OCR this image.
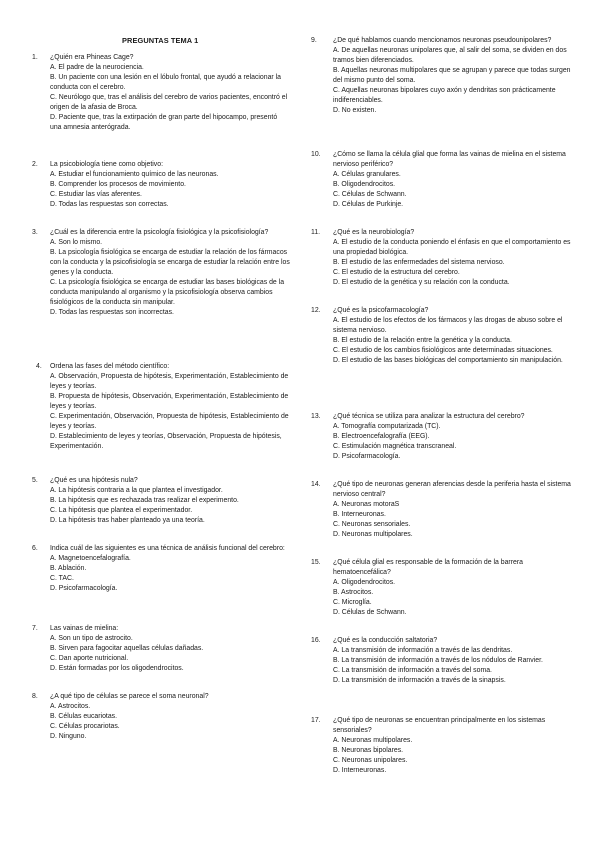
PREGUNTAS TEMA 1
1. ¿Quién era Phineas Cage?

A. El padre de la neurociencia.

B. Un paciente con una lesión en el lóbulo frontal, que ayudó a relacionar la conducta con el cerebro.

C. Neurólogo que, tras el análisis del cerebro de varios pacientes, encontró el origen de la afasia de Broca.

D. Paciente que, tras la extirpación de gran parte del hipocampo, presentó una amnesia anterógrada.

2. La psicobiología tiene como objetivo:

A. Estudiar el funcionamiento químico de las neuronas.

B. Comprender los procesos de movimiento.

C. Estudiar las vías aferentes.

D. Todas las respuestas son correctas.

3. ¿Cuál es la diferencia entre la psicología fisiológica y la psicofisiología?

A. Son lo mismo.

B. La psicología fisiológica se encarga de estudiar la relación de los fármacos con la conducta y la psicofisiología se encarga de estudiar la relación entre los genes y la conducta.

C. La psicología fisiológica se encarga de estudiar las bases biológicas de la conducta manipulando al organismo y la psicofisiología observa cambios fisiológicos de la conducta sin manipular.

D. Todas las respuestas son incorrectas.

4. Ordena las fases del método científico:

A. Observación, Propuesta de hipótesis, Experimentación, Establecimiento de leyes y teorías.

B. Propuesta de hipótesis, Observación, Experimentación, Establecimiento de leyes y teorías.

C. Experimentación, Observación, Propuesta de hipótesis, Establecimiento de leyes y teorías.

D. Establecimiento de leyes y teorías, Observación, Propuesta de hipótesis, Experimentación.

5. ¿Qué es una hipótesis nula?

A. La hipótesis contraria a la que plantea el investigador.

B. La hipótesis que es rechazada tras realizar el experimento.

C. La hipótesis que plantea el experimentador.

D. La hipótesis tras haber planteado ya una teoría.

6. Indica cuál de las siguientes es una técnica de análisis funcional del cerebro:

A. Magnetoencefalografía.

B. Ablación.

C. TAC.

D. Psicofarmacología.

7. Las vainas de mielina:

A. Son un tipo de astrocito.

B. Sirven para fagocitar aquellas células dañadas.

C. Dan aporte nutricional.

D. Están formadas por los oligodendrocitos.

8. ¿A qué tipo de células se parece el soma neuronal?

A. Astrocitos.

B. Células eucariotas.

C. Células procariotas.

D. Ninguno.

9. ¿De qué hablamos cuando mencionamos neuronas pseudounipolares?

A. De aquellas neuronas unipolares que, al salir del soma, se dividen en dos tramos bien diferenciados.

B. Aquellas neuronas multipolares que se agrupan y parece que todas surgen del mismo punto del soma.

C. Aquellas neuronas bipolares cuyo axón y dendritas son prácticamente indiferenciables.

D. No existen.

10. ¿Cómo se llama la célula glial que forma las vainas de mielina en el sistema nervioso periférico?

A. Células granulares.

B. Oligodendrocitos.

C. Células de Schwann.

D. Células de Purkinje.

11. ¿Qué es la neurobiología?

A. El estudio de la conducta poniendo el énfasis en que el comportamiento es una propiedad biológica.

B. El estudio de las enfermedades del sistema nervioso.

C. El estudio de la estructura del cerebro.

D. El estudio de la genética y su relación con la conducta.

12. ¿Qué es la psicofarmacología?

A. El estudio de los efectos de los fármacos y las drogas de abuso sobre el sistema nervioso.

B. El estudio de la relación entre la genética y la conducta.

C. El estudio de los cambios fisiológicos ante determinadas situaciones.

D. El estudio de las bases biológicas del comportamiento sin manipulación.

13. ¿Qué técnica se utiliza para analizar la estructura del cerebro?

A. Tomografía computarizada (TC).

B. Electroencefalografía (EEG).

C. Estimulación magnética transcraneal.

D. Psicofarmacología.

14. ¿Qué tipo de neuronas generan aferencias desde la periferia hasta el sistema nervioso central?

A. Neuronas motoraS

B. Interneuronas.

C. Neuronas sensoriales.

D. Neuronas multipolares.

15. ¿Qué célula glial es responsable de la formación de la barrera hematoencefálica?

A. Oligodendrocitos.

B. Astrocitos.

C. Microglía.

D. Células de Schwann.

16. ¿Qué es la conducción saltatoria?

A. La transmisión de información a través de las dendritas.

B. La transmisión de información a través de los nódulos de Ranvier.

C. La transmisión de información a través del soma.

D. La transmisión de información a través de la sinapsis.

17. ¿Qué tipo de neuronas se encuentran principalmente en los sistemas sensoriales?

A. Neuronas multipolares.

B. Neuronas bipolares.

C. Neuronas unipolares.

D. Interneuronas.
